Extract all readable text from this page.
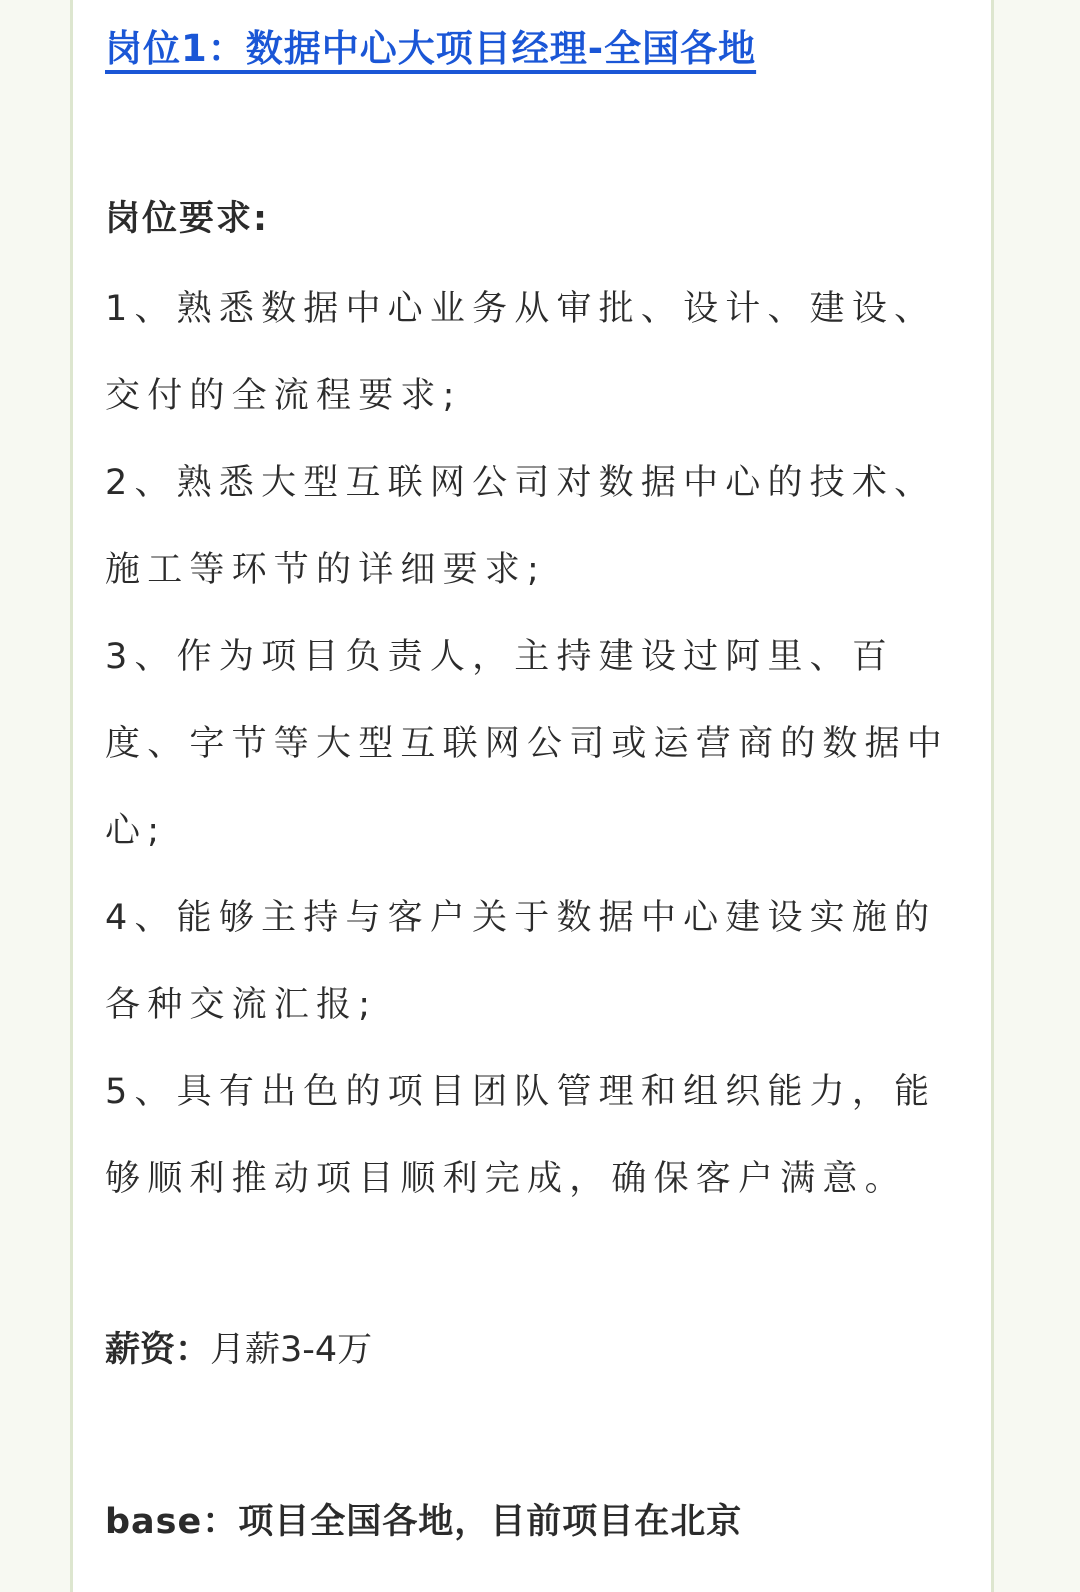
岗位1：数据中心大项目经理-全国各地
岗位要求:
1、熟悉数据中心业务从审批、设计、建设、交付的全流程要求;
2、熟悉大型互联网公司对数据中心的技术、施工等环节的详细要求;
3、作为项目负责人，主持建设过阿里、百度、字节等大型互联网公司或运营商的数据中心;
4、能够主持与客户关于数据中心建设实施的各种交流汇报;
5、具有出色的项目团队管理和组织能力，能够顺利推动项目顺利完成，确保客户满意。
薪资：月薪3-4万
base：项目全国各地，目前项目在北京
